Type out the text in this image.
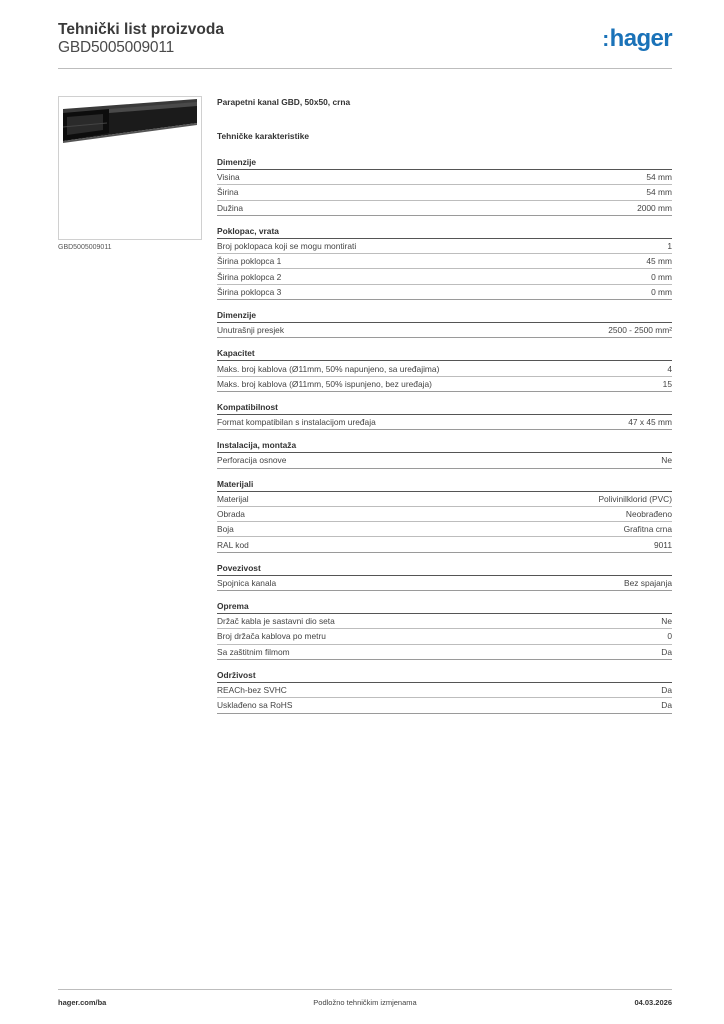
Tehnički list proizvoda
GBD5005009011	:hager
GBD5005009011
Parapetni kanal GBD, 50x50, crna
Tehničke karakteristike
Dimenzije
Visina	54 mm
Širina	54 mm
Dužina	2000 mm
Poklopac, vrata
Broj poklopaca koji se mogu montirati	1
Širina poklopca 1	45 mm
Širina poklopca 2	0 mm
Širina poklopca 3	0 mm
Dimenzije
Unutrašnji presjek	2500 - 2500 mm²
Kapacitet
Maks. broj kablova (Ø11mm, 50% napunjeno, sa uređajima)	4
Maks. broj kablova (Ø11mm, 50% ispunjeno, bez uređaja)	15
Kompatibilnost
Format kompatibilan s instalacijom uređaja	47 x 45 mm
Instalacija, montaža
Perforacija osnove	Ne
Materijali
Materijal	Polivinilklorid (PVC)
Obrada	Neobrađeno
Boja	Grafitna crna
RAL kod	9011
Povezivost
Spojnica kanala	Bez spajanja
Oprema
Držač kabla je sastavni dio seta	Ne
Broj držača kablova po metru	0
Sa zaštitnim filmom	Da
Održivost
REACh-bez SVHC	Da
Usklađeno sa RoHS	Da
hager.com/ba	Podložno tehničkim izmjenama	04.03.2026
